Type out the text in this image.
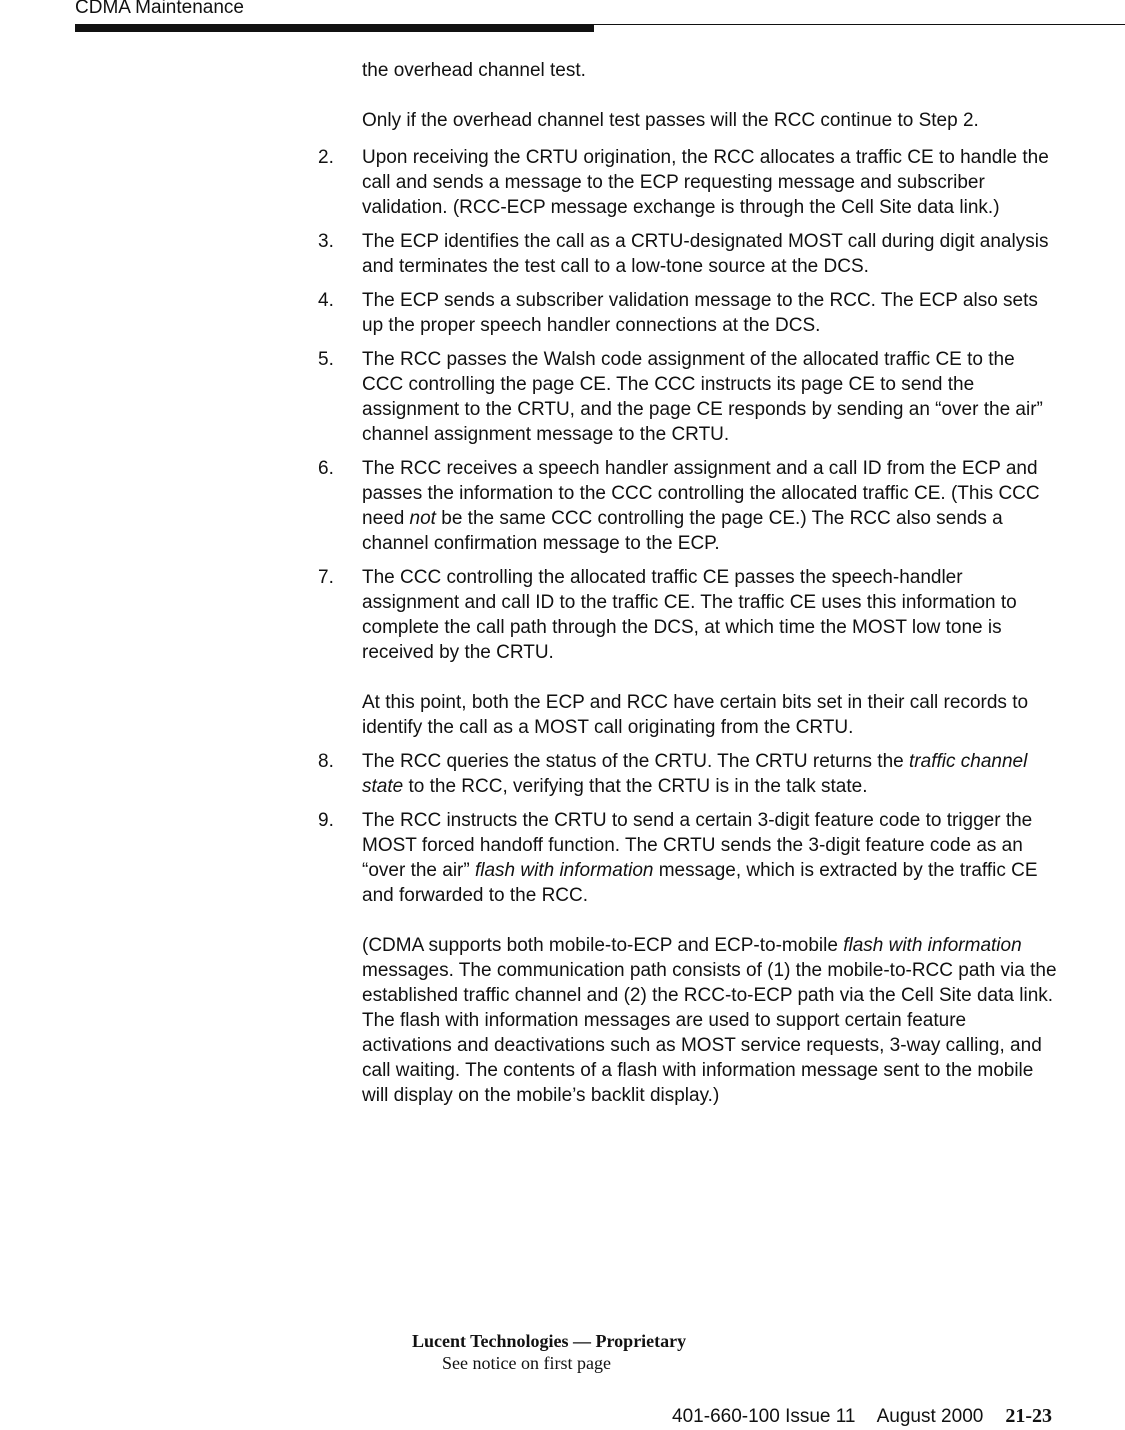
CDMA Maintenance

the overhead channel test.

Only if the overhead channel test passes will the RCC continue to Step 2.

2.	Upon receiving the CRTU origination, the RCC allocates a traffic CE to handle the call and sends a message to the ECP requesting message and subscriber validation. (RCC-ECP message exchange is through the Cell Site data link.)

3.	The ECP identifies the call as a CRTU-designated MOST call during digit analysis and terminates the test call to a low-tone source at the DCS.

4.	The ECP sends a subscriber validation message to the RCC. The ECP also sets up the proper speech handler connections at the DCS.

5.	The RCC passes the Walsh code assignment of the allocated traffic CE to the CCC controlling the page CE. The CCC instructs its page CE to send the assignment to the CRTU, and the page CE responds by sending an “over the air” channel assignment message to the CRTU.

6.	The RCC receives a speech handler assignment and a call ID from the ECP and passes the information to the CCC controlling the allocated traffic CE. (This CCC need not be the same CCC controlling the page CE.) The RCC also sends a channel confirmation message to the ECP.

7.	The CCC controlling the allocated traffic CE passes the speech-handler assignment and call ID to the traffic CE. The traffic CE uses this information to complete the call path through the DCS, at which time the MOST low tone is received by the CRTU.

At this point, both the ECP and RCC have certain bits set in their call records to identify the call as a MOST call originating from the CRTU.

8.	The RCC queries the status of the CRTU. The CRTU returns the traffic channel state to the RCC, verifying that the CRTU is in the talk state.

9.	The RCC instructs the CRTU to send a certain 3-digit feature code to trigger the MOST forced handoff function. The CRTU sends the 3-digit feature code as an “over the air” flash with information message, which is extracted by the traffic CE and forwarded to the RCC.

(CDMA supports both mobile-to-ECP and ECP-to-mobile flash with information messages. The communication path consists of (1) the mobile-to-RCC path via the established traffic channel and (2) the RCC-to-ECP path via the Cell Site data link. The flash with information messages are used to support certain feature activations and deactivations such as MOST service requests, 3-way calling, and call waiting. The contents of a flash with information message sent to the mobile will display on the mobile’s backlit display.)

Lucent Technologies — Proprietary
See notice on first page
401-660-100 Issue 11 August 2000 21-23
